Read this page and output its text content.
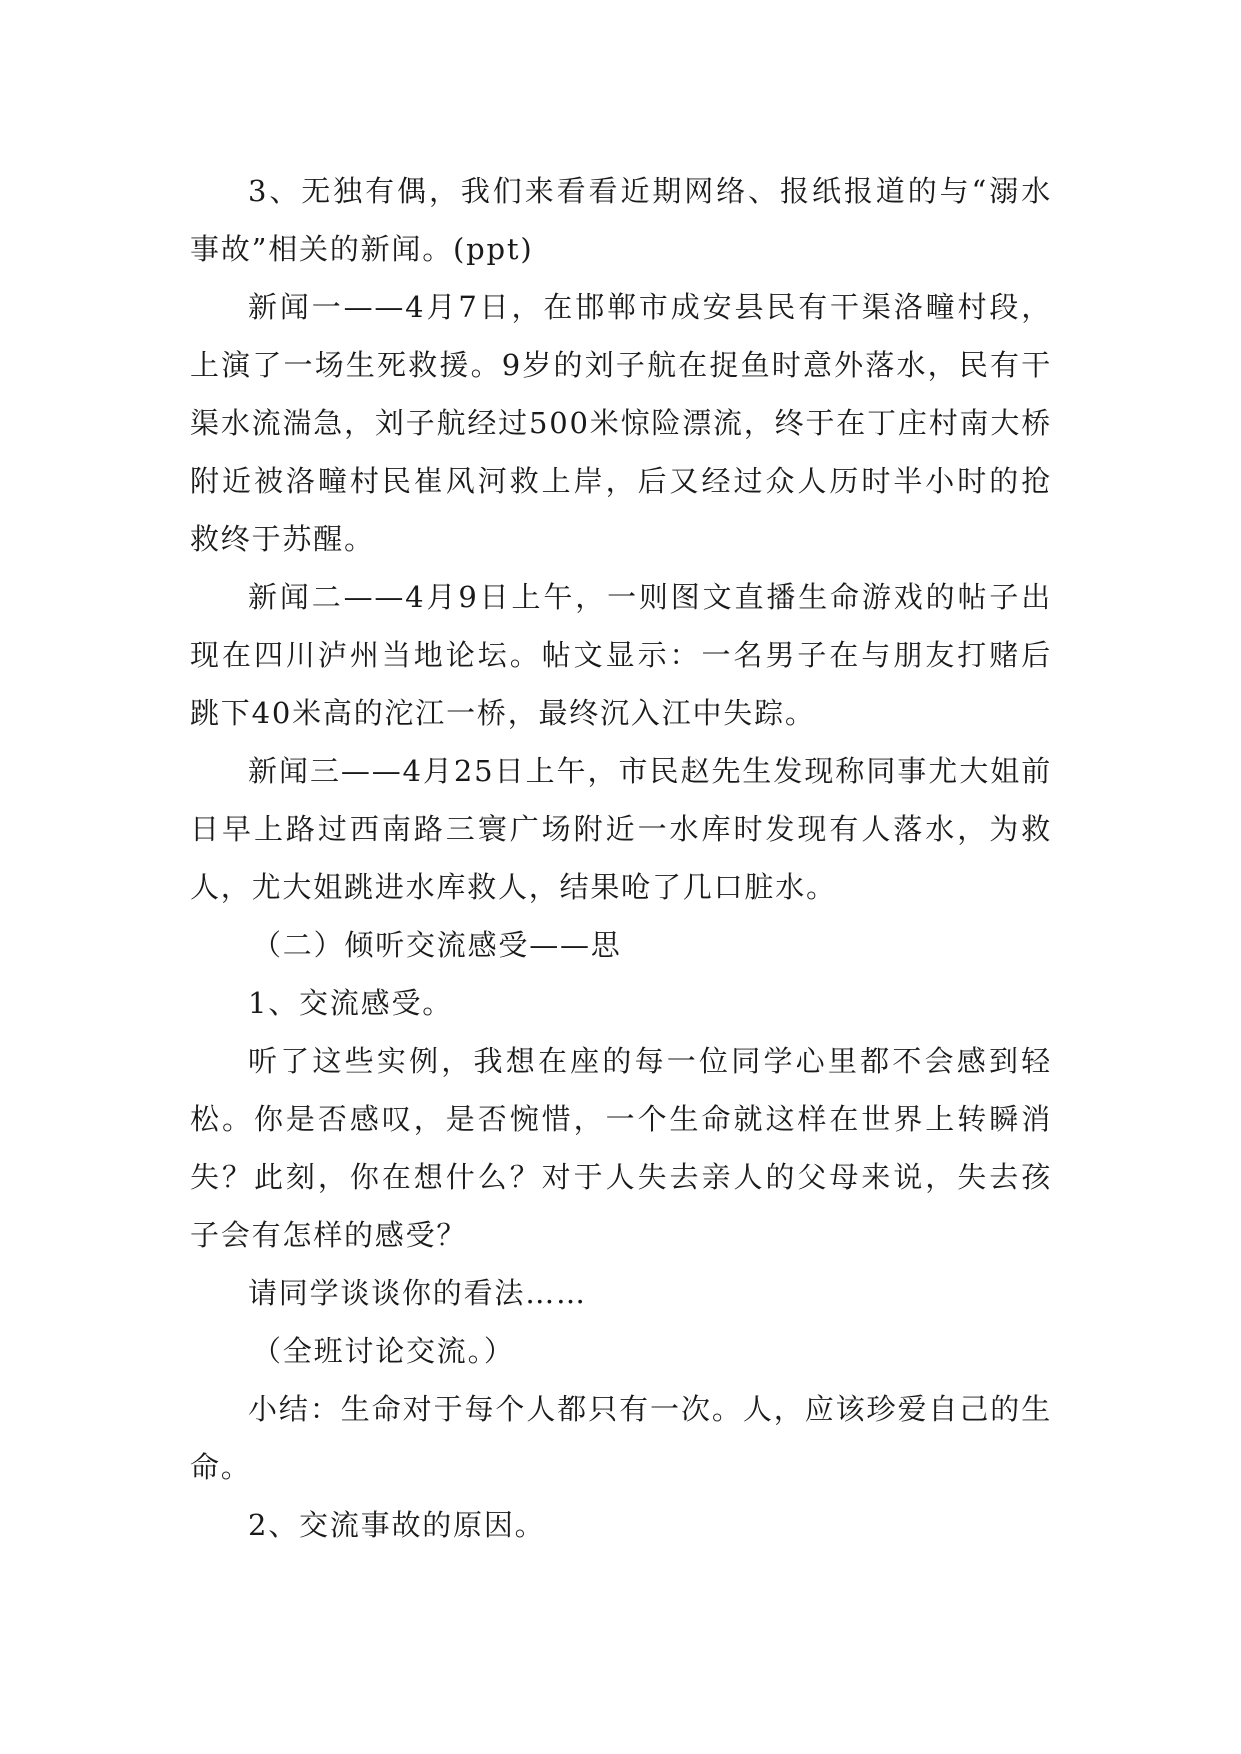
3、无独有偶，我们来看看近期网络、报纸报道的与“溺水事故”相关的新闻。(ppt)

新闻一——4月7日，在邯郸市成安县民有干渠洛疃村段，上演了一场生死救援。9岁的刘子航在捉鱼时意外落水，民有干渠水流湍急，刘子航经过500米惊险漂流，终于在丁庄村南大桥附近被洛疃村民崔风河救上岸，后又经过众人历时半小时的抢救终于苏醒。

新闻二——4月9日上午，一则图文直播生命游戏的帖子出现在四川泸州当地论坛。帖文显示：一名男子在与朋友打赌后跳下40米高的沱江一桥，最终沉入江中失踪。

新闻三——4月25日上午，市民赵先生发现称同事尤大姐前日早上路过西南路三寰广场附近一水库时发现有人落水，为救人，尤大姐跳进水库救人，结果呛了几口脏水。

（二）倾听交流感受——思

1、交流感受。

听了这些实例，我想在座的每一位同学心里都不会感到轻松。你是否感叹，是否惋惜，一个生命就这样在世界上转瞬消失？此刻，你在想什么？对于人失去亲人的父母来说，失去孩子会有怎样的感受？

请同学谈谈你的看法……

（全班讨论交流。）

小结：生命对于每个人都只有一次。人，应该珍爱自己的生命。

2、交流事故的原因。
